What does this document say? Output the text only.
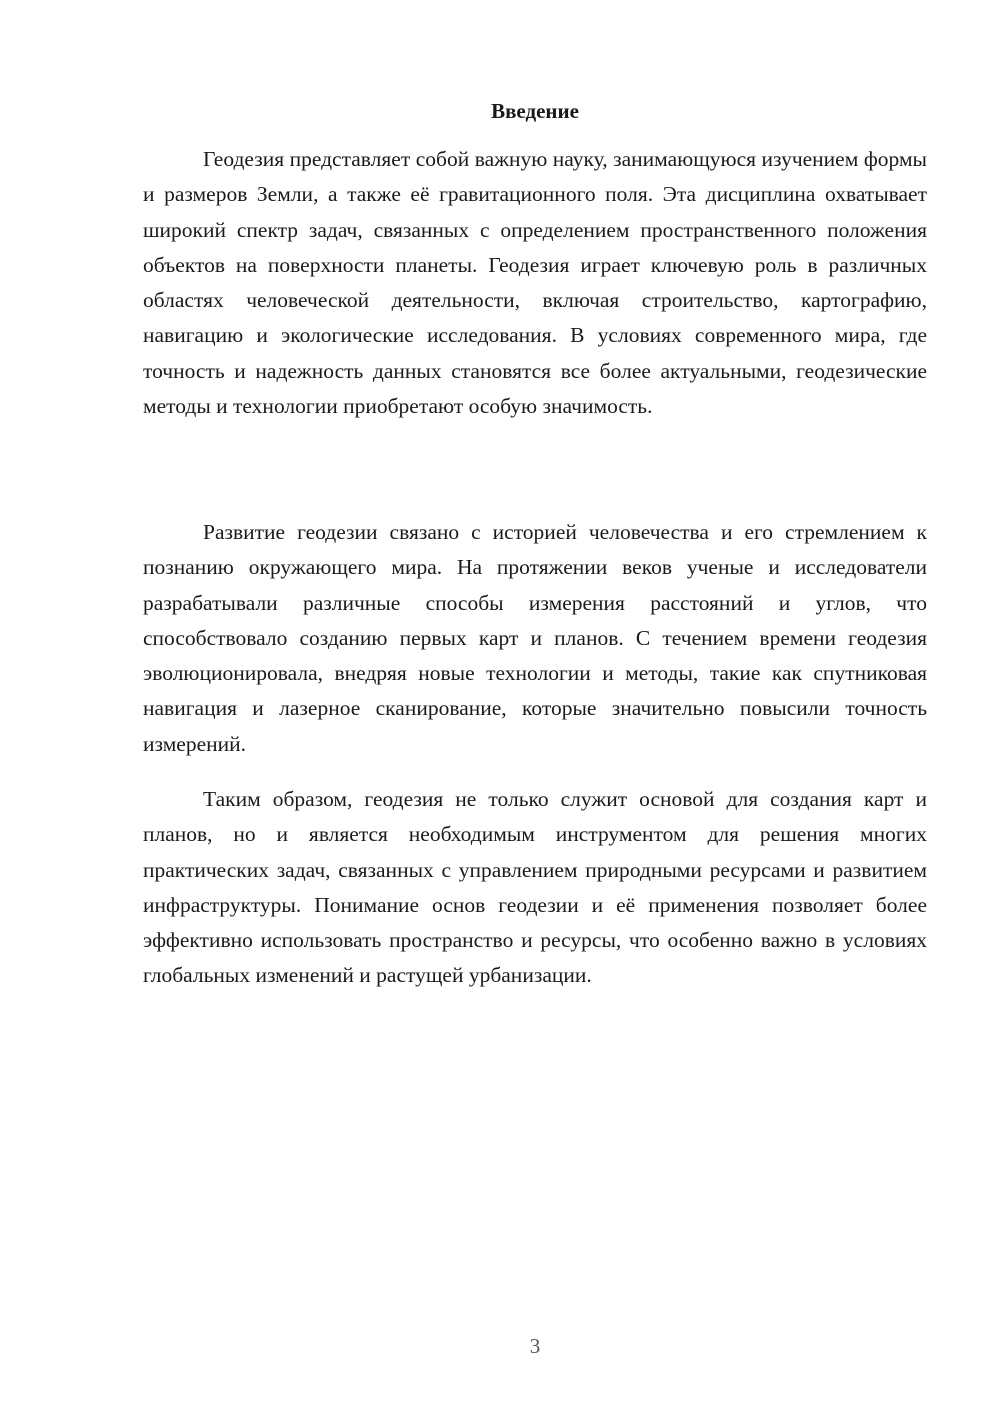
Введение

Геодезия представляет собой важную науку, занимающуюся изучением формы и размеров Земли, а также её гравитационного поля. Эта дисциплина охватывает широкий спектр задач, связанных с определением пространственного положения объектов на поверхности планеты. Геодезия играет ключевую роль в различных областях человеческой деятельности, включая строительство, картографию, навигацию и экологические исследования. В условиях современного мира, где точность и надежность данных становятся все более актуальными, геодезические методы и технологии приобретают особую значимость.

Развитие геодезии связано с историей человечества и его стремлением к познанию окружающего мира. На протяжении веков ученые и исследователи разрабатывали различные способы измерения расстояний и углов, что способствовало созданию первых карт и планов. С течением времени геодезия эволюционировала, внедряя новые технологии и методы, такие как спутниковая навигация и лазерное сканирование, которые значительно повысили точность измерений.

Таким образом, геодезия не только служит основой для создания карт и планов, но и является необходимым инструментом для решения многих практических задач, связанных с управлением природными ресурсами и развитием инфраструктуры. Понимание основ геодезии и её применения позволяет более эффективно использовать пространство и ресурсы, что особенно важно в условиях глобальных изменений и растущей урбанизации.

3
